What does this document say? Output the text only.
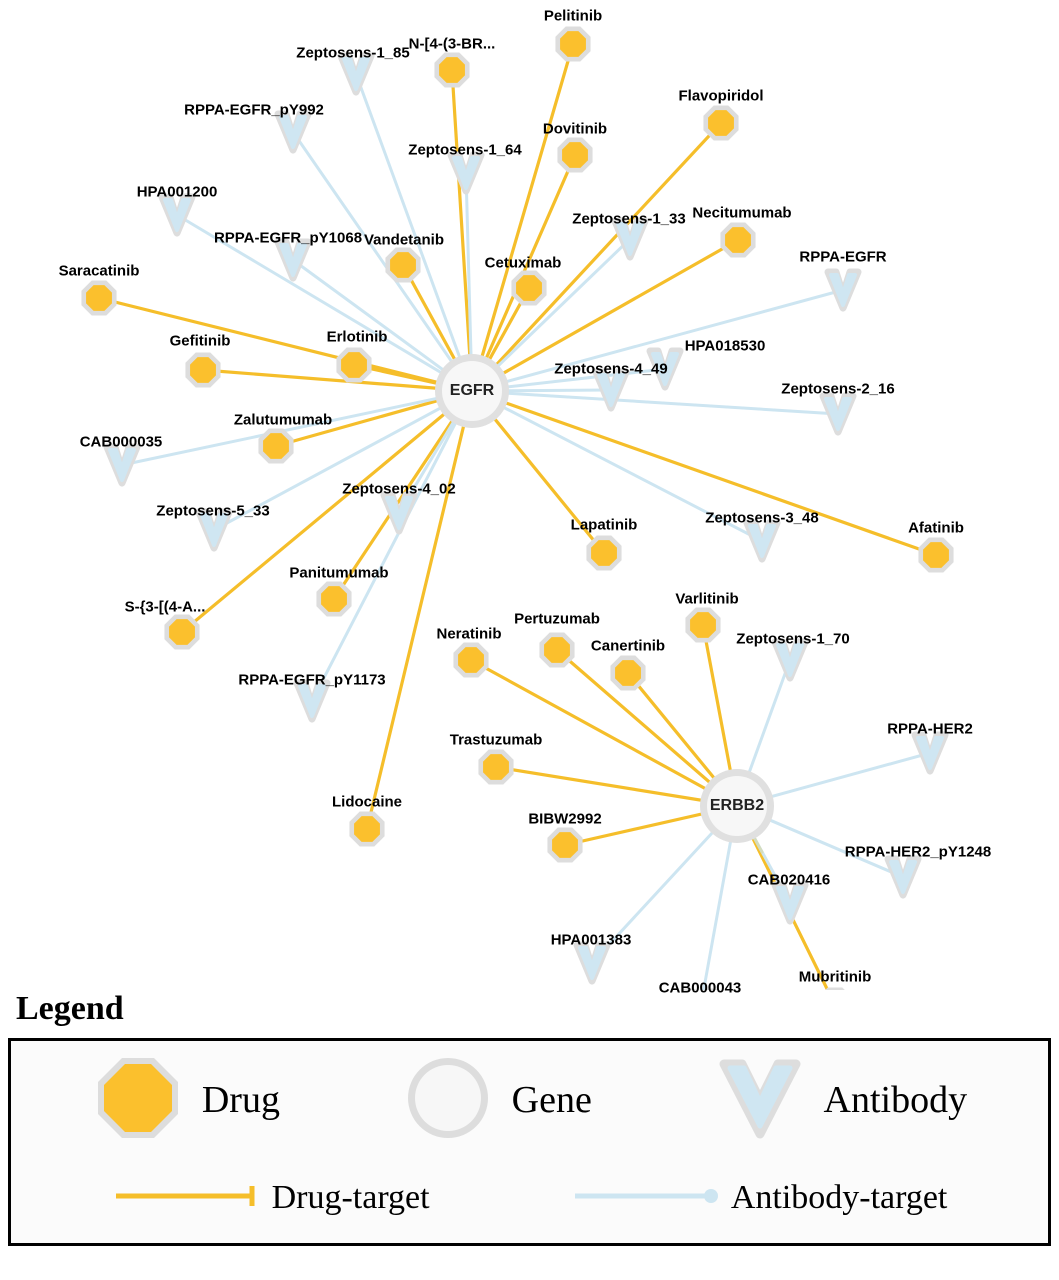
Pelitinib
N-[4-(3-BR...
Flavopiridol
Dovitinib
Necitumumab
Vandetanib
Cetuximab
Saracatinib
Gefitinib	Erlotinib
Zalutumumab
Panitumumab
S-{3-[(4-A...
Lapatinib	Afatinib
Varlitinib
Pertuzumab
Canertinib
Neratinib
Trastuzumab
Lidocaine
BIBW2992
Mubritinib
Zeptosens-1_85
RPPA-EGFR_pY992
Zeptosens-1_64
HPA001200
Zeptosens-1_33
RPPA-EGFR_pY1068
RPPA-EGFR
HPA018530
Zeptosens-4_49
Zeptosens-2_16
CAB000035
Zeptosens-4_02
Zeptosens-5_33	Zeptosens-3_48
RPPA-EGFR_pY1173
Zeptosens-1_70
RPPA-HER2
RPPA-HER2_pY1248
CAB020416
HPA001383
CAB000043
EGFR
ERBB2
Legend
Drug	Gene	Antibody
Drug-target	Antibody-target
